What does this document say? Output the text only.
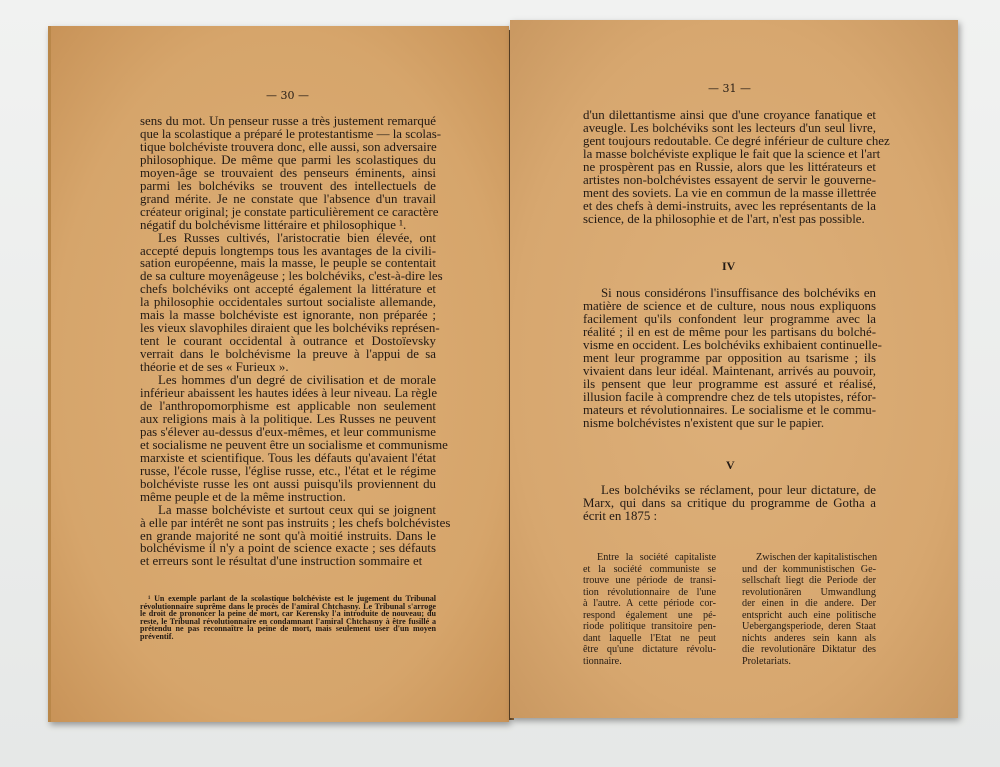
— 30 —
sens du mot. Un penseur russe a très justement remarqué
que la scolastique a préparé le protestantisme — la scolas-
tique bolchéviste trouvera donc, elle aussi, son adversaire
philosophique. De même que parmi les scolastiques du
moyen-âge se trouvaient des penseurs éminents, ainsi
parmi les bolchéviks se trouvent des intellectuels de
grand mérite. Je ne constate que l'absence d'un travail
créateur original; je constate particulièrement ce caractère
négatif du bolchévisme littéraire et philosophique ¹.
Les Russes cultivés, l'aristocratie bien élevée, ont
accepté depuis longtemps tous les avantages de la civili-
sation européenne, mais la masse, le peuple se contentait
de sa culture moyenâgeuse ; les bolchéviks, c'est-à-dire les
chefs bolchéviks ont accepté également la littérature et
la philosophie occidentales surtout socialiste allemande,
mais la masse bolchéviste est ignorante, non préparée ;
les vieux slavophiles diraient que les bolchéviks représen-
tent le courant occidental à outrance et Dostoïevsky
verrait dans le bolchévisme la preuve à l'appui de sa
théorie et de ses « Furieux ».
Les hommes d'un degré de civilisation et de morale
inférieur abaissent les hautes idées à leur niveau. La règle
de l'anthropomorphisme est applicable non seulement
aux religions mais à la politique. Les Russes ne peuvent
pas s'élever au-dessus d'eux-mêmes, et leur communisme
et socialisme ne peuvent être un socialisme et communisme
marxiste et scientifique. Tous les défauts qu'avaient l'état
russe, l'école russe, l'église russe, etc., l'état et le régime
bolchéviste russe les ont aussi puisqu'ils proviennent du
même peuple et de la même instruction.
La masse bolchéviste et surtout ceux qui se joignent
à elle par intérêt ne sont pas instruits ; les chefs bolchévistes
en grande majorité ne sont qu'à moitié instruits. Dans le
bolchévisme il n'y a point de science exacte ; ses défauts
et erreurs sont le résultat d'une instruction sommaire et
¹ Un exemple parlant de la scolastique bolchéviste est le jugement du Tribunal
révolutionnaire suprême dans le procès de l'amiral Chtchasny. Le Tribunal s'arroge
le droit de prononcer la peine de mort, car Kerensky l'a introduite de nouveau; du
reste, le Tribunal révolutionnaire en condamnant l'amiral Chtchasny à être fusillé a
prétendu ne pas reconnaître la peine de mort, mais seulement user d'un moyen
préventif.
— 31 —
d'un dilettantisme ainsi que d'une croyance fanatique et
aveugle. Les bolchéviks sont les lecteurs d'un seul livre,
gent toujours redoutable. Ce degré inférieur de culture chez
la masse bolchéviste explique le fait que la science et l'art
ne prospèrent pas en Russie, alors que les littérateurs et
artistes non-bolchévistes essayent de servir le gouverne-
ment des soviets. La vie en commun de la masse illettrée
et des chefs à demi-instruits, avec les représentants de la
science, de la philosophie et de l'art, n'est pas possible.
IV
Si nous considérons l'insuffisance des bolchéviks en
matière de science et de culture, nous nous expliquons
facilement qu'ils confondent leur programme avec la
réalité ; il en est de même pour les partisans du bolché-
visme en occident. Les bolchéviks exhibaient continuelle-
ment leur programme par opposition au tsarisme ; ils
vivaient dans leur idéal. Maintenant, arrivés au pouvoir,
ils pensent que leur programme est assuré et réalisé,
illusion facile à comprendre chez de tels utopistes, réfor-
mateurs et révolutionnaires. Le socialisme et le commu-
nisme bolchévistes n'existent que sur le papier.
V
Les bolchéviks se réclament, pour leur dictature, de
Marx, qui dans sa critique du programme de Gotha a
écrit en 1875 :
Entre la société capitaliste
et la société communiste se
trouve une période de transi-
tion révolutionnaire de l'une
à l'autre. A cette période cor-
respond également une pé-
riode politique transitoire pen-
dant laquelle l'Etat ne peut
être qu'une dictature révolu-
tionnaire.
Zwischen der kapitalistischen
und der kommunistischen Ge-
sellschaft liegt die Periode der
revolutionären Umwandlung
der einen in die andere. Der
entspricht auch eine politische
Uebergangsperiode, deren Staat
nichts anderes sein kann als
die revolutionäre Diktatur des
Proletariats.
